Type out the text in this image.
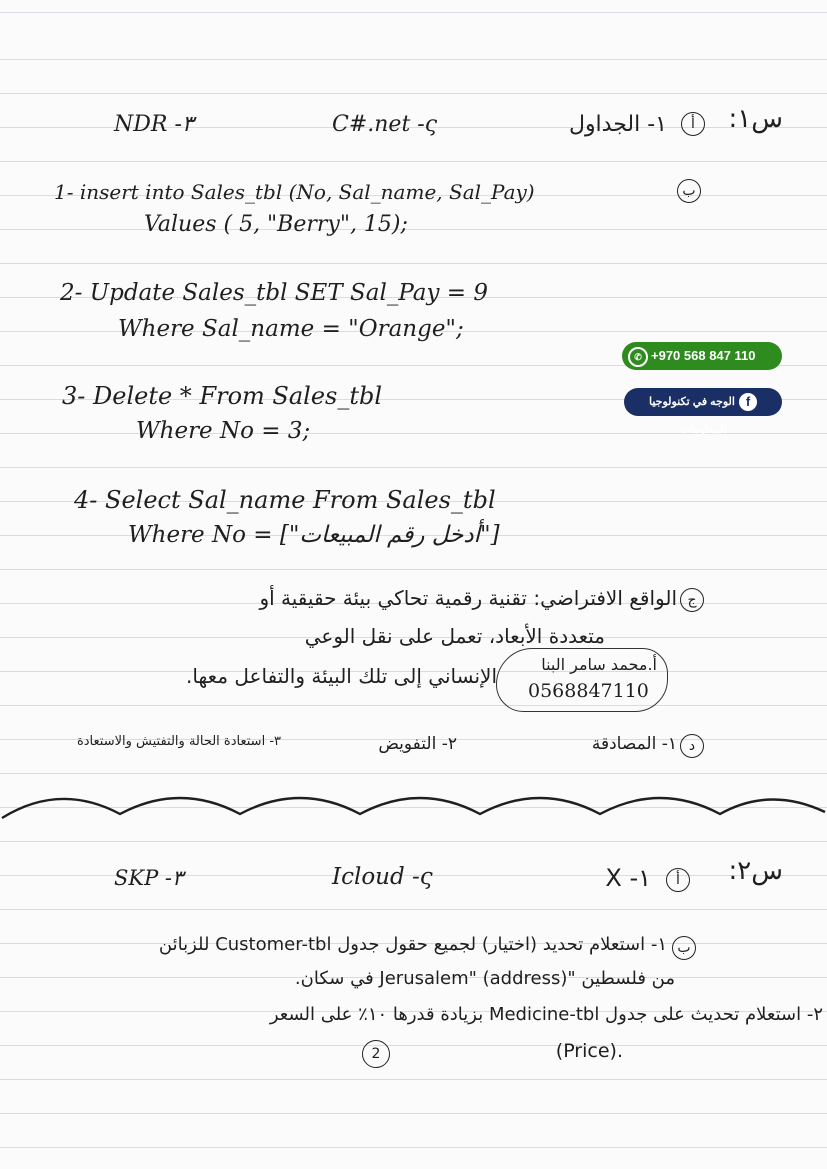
س١:
أ
١- الجداول
C#.net -ς
NDR -٣
ب
1- insert into Sales_tbl (No, Sal_name, Sal_Pay)
Values ( 5, "Berry", 15);
2- Update Sales_tbl SET Sal_Pay = 9
Where Sal_name = "Orange";
3- Delete * From Sales_tbl
Where No = 3;
4- Select Sal_name From Sales_tbl
Where No = ["أدخل رقم المبيعات"]
✆ +970 568 847 110
fالوجه في تكنولوجيا المعلومات
ج
الواقع الافتراضي: تقنية رقمية تحاكي بيئة حقيقية أو
متعددة الأبعاد، تعمل على نقل الوعي
الإنساني إلى تلك البيئة والتفاعل معها.	أ.محمد سامر البنا
0568847110
د
١- المصادقة
٢- التفويض
٣- استعادة الحالة والتفتيش والاستعادة
س٢:
أ
١- X
Icloud -ς
SKP -٣
ب
١- استعلام تحديد (اختيار) لجميع حقول جدول Customer-tbl للزبائن
من فلسطين "Jerusalem" (address) في سكان.
٢- استعلام تحديث على جدول Medicine-tbl بزيادة قدرها ١٠٪ على السعر
.(Price)
2
